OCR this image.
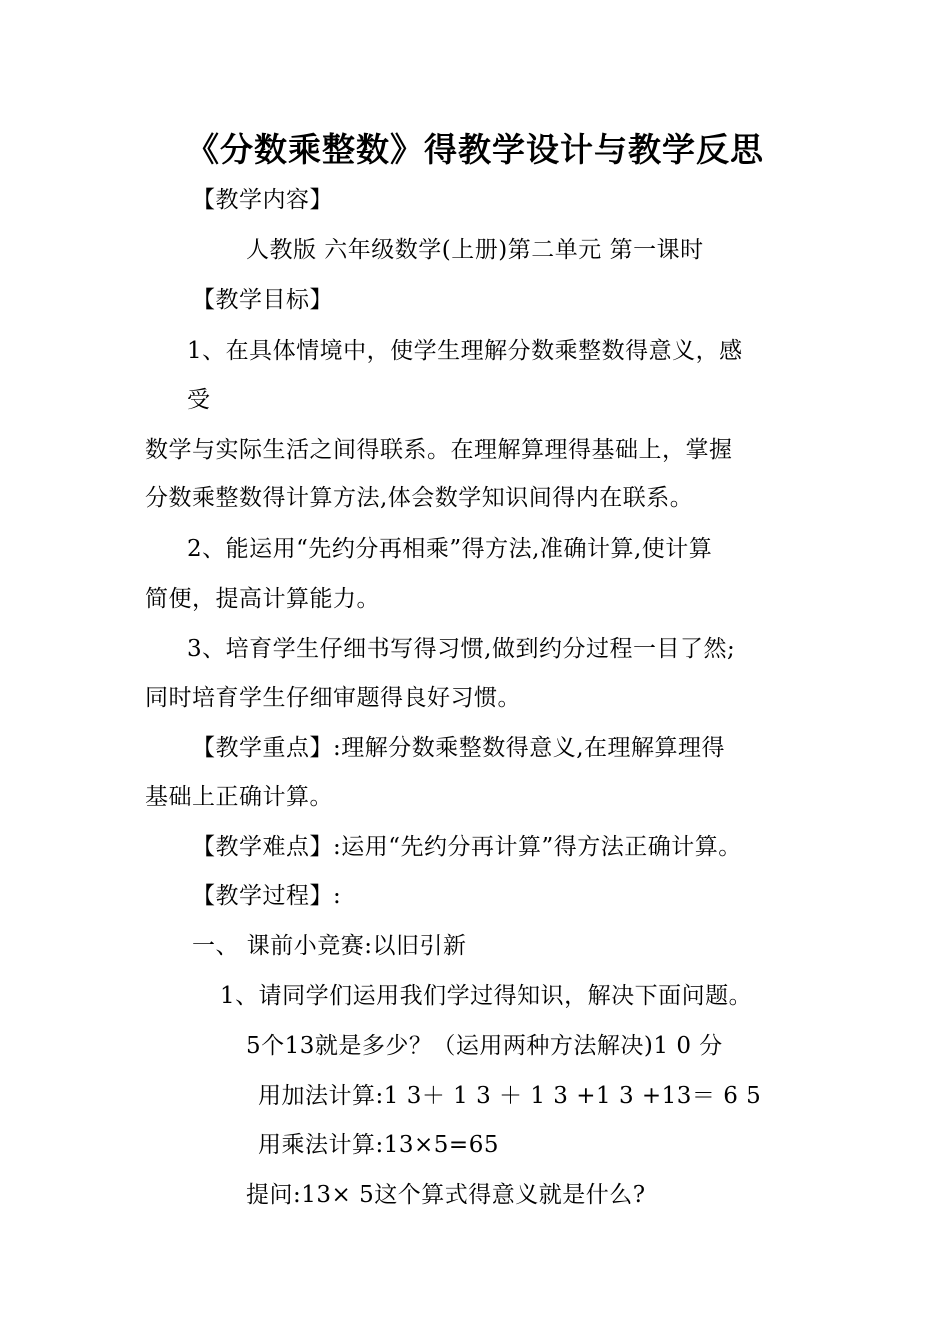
《分数乘整数》得教学设计与教学反思
【教学内容】
人教版 六年级数学(上册)第二单元 第一课时
【教学目标】
1、在具体情境中，使学生理解分数乘整数得意义，感
受
数学与实际生活之间得联系。在理解算理得基础上，掌握
分数乘整数得计算方法,体会数学知识间得内在联系。
2、能运用“先约分再相乘”得方法,准确计算,使计算
简便，提高计算能力。
3、培育学生仔细书写得习惯,做到约分过程一目了然;
同时培育学生仔细审题得良好习惯。
【教学重点】:理解分数乘整数得意义,在理解算理得
基础上正确计算。
【教学难点】:运用“先约分再计算”得方法正确计算。
【教学过程】:
一、 课前小竞赛:以旧引新
1、请同学们运用我们学过得知识，解决下面问题。
5个13就是多少？（运用两种方法解决)1 0 分
用加法计算:1 3＋ 1 3 ＋ 1 3 +1 3 +13＝ 6 5
用乘法计算:13×5=65
提问:13× 5这个算式得意义就是什么?
